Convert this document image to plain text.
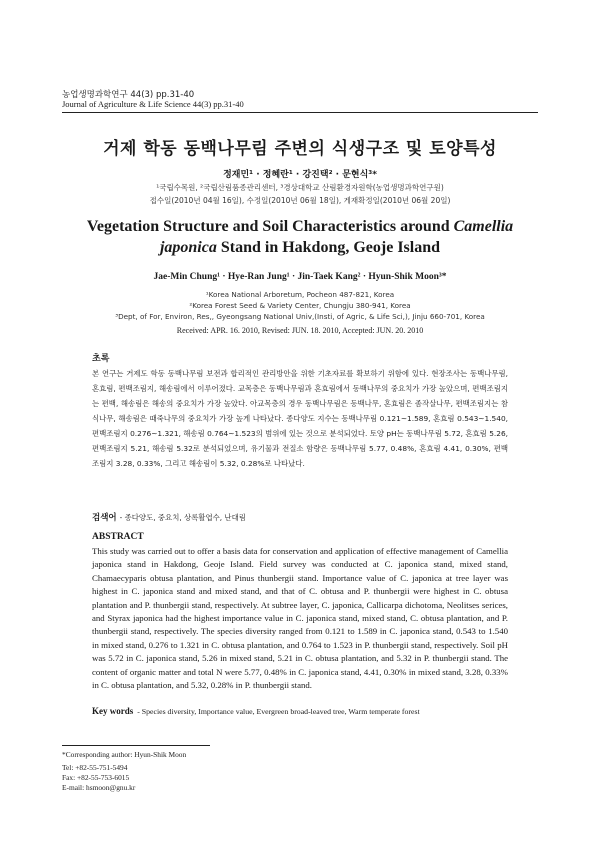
농업생명과학연구 44(3) pp.31-40
Journal of Agriculture & Life Science 44(3) pp.31-40
거제 학동 동백나무림 주변의 식생구조 및 토양특성
정재민¹ · 정혜란¹ · 강진택² · 문현식³*
¹국립수목원, ²국립산림품종관리센터, ³경상대학교 산림환경자원학(농업생명과학연구원)
접수일(2010년 04월 16일), 수정일(2010년 06월 18일), 게재확정일(2010년 06월 20일)
Vegetation Structure and Soil Characteristics around Camellia japonica Stand in Hakdong, Geoje Island
Jae-Min Chung¹ · Hye-Ran Jung¹ · Jin-Taek Kang² · Hyun-Shik Moon³*
¹Korea National Arboretum, Pocheon 487-821, Korea
²Korea Forest Seed & Variety Center, Chungju 380-941, Korea
³Dept, of For, Environ, Res,, Gyeongsang National Univ,(Insti, of Agric, & Life Sci,), Jinju 660-701, Korea
Received: APR. 16. 2010, Revised: JUN. 18. 2010, Accepted: JUN. 20. 2010
초록
본 연구는 거제도 학동 동백나무림 보전과 합리적인 관리방안을 위한 기초자료를 확보하기 위함에 있다. 현장조사는 동백나무림, 혼효림, 편백조림지, 해송림에서 이루어졌다. 교목층은 동백나무림과 혼효림에서 동백나무의 중요치가 가장 높았으며, 편백조림지는 편백, 해송림은 해송의 중요치가 가장 높았다. 아교목층의 경우 동백나무림은 동백나무, 혼효림은 좀작살나무, 편백조림지는 참식나무, 해송림은 때죽나무의 중요치가 가장 높게 나타났다. 종다양도 지수는 동백나무림 0.121~1.589, 혼효림 0.543~1.540, 편백조림지 0.276~1.321, 해송림 0.764~1.523의 범위에 있는 것으로 분석되었다. 토양 pH는 동백나무림 5.72, 혼효림 5.26, 편백조림지 5.21, 해송림 5.32로 분석되었으며, 유기물과 전질소 함량은 동백나무림 5.77, 0.48%, 혼효림 4.41, 0.30%, 편백조림지 3.28, 0.33%, 그리고 해송림이 5.32, 0.28%로 나타났다.
검색어 - 종다양도, 중요치, 상록활엽수, 난대림
ABSTRACT
This study was carried out to offer a basis data for conservation and application of effective management of Camellia japonica stand in Hakdong, Geoje Island. Field survey was conducted at C. japonica stand, mixed stand, Chamaecyparis obtusa plantation, and Pinus thunbergii stand. Importance value of C. japonica at tree layer was highest in C. japonica stand and mixed stand, and that of C. obtusa and P. thunbergii were highest in C. obtusa plantation and P. thunbergii stand, respectively. At subtree layer, C. japonica, Callicarpa dichotoma, Neolitses serices, and Styrax japonica had the highest importance value in C. japonica stand, mixed stand, C. obtusa plantation, and P. thunbergii stand, respectively. The species diversity ranged from 0.121 to 1.589 in C. japonica stand, 0.543 to 1.540 in mixed stand, 0.276 to 1.321 in C. obtusa plantation, and 0.764 to 1.523 in P. thunbergii stand, respectively. Soil pH was 5.72 in C. japonica stand, 5.26 in mixed stand, 5.21 in C. obtusa plantation, and 5.32 in P. thunbergii stand. The content of organic matter and total N were 5.77, 0.48% in C. japonica stand, 4.41, 0.30% in mixed stand, 3.28, 0.33% in C. obtusa plantation, and 5.32, 0.28% in P. thunbergii stand.
Key words - Species diversity, Importance value, Evergreen broad-leaved tree, Warm temperate forest
*Corresponding author: Hyun-Shik Moon
Tel: +82-55-751-5494
Fax: +82-55-753-6015
E-mail: hsmoon@gnu.kr
